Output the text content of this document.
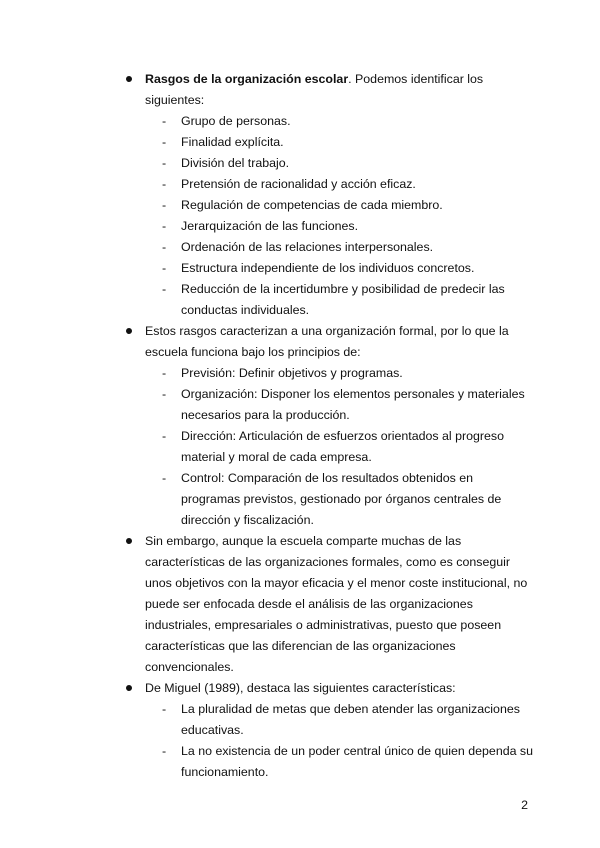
Rasgos de la organización escolar. Podemos identificar los siguientes:
- Grupo de personas.
- Finalidad explícita.
- División del trabajo.
- Pretensión de racionalidad y acción eficaz.
- Regulación de competencias de cada miembro.
- Jerarquización de las funciones.
- Ordenación de las relaciones interpersonales.
- Estructura independiente de los individuos concretos.
- Reducción de la incertidumbre y posibilidad de predecir las conductas individuales.
Estos rasgos caracterizan a una organización formal, por lo que la escuela funciona bajo los principios de:
- Previsión: Definir objetivos y programas.
- Organización: Disponer los elementos personales y materiales necesarios para la producción.
- Dirección: Articulación de esfuerzos orientados al progreso material y moral de cada empresa.
- Control: Comparación de los resultados obtenidos en programas previstos, gestionado por órganos centrales de dirección y fiscalización.
Sin embargo, aunque la escuela comparte muchas de las características de las organizaciones formales, como es conseguir unos objetivos con la mayor eficacia y el menor coste institucional, no puede ser enfocada desde el análisis de las organizaciones industriales, empresariales o administrativas, puesto que poseen características que las diferencian de las organizaciones convencionales.
De Miguel (1989), destaca las siguientes características:
- La pluralidad de metas que deben atender las organizaciones educativas.
- La no existencia de un poder central único de quien dependa su funcionamiento.
2
